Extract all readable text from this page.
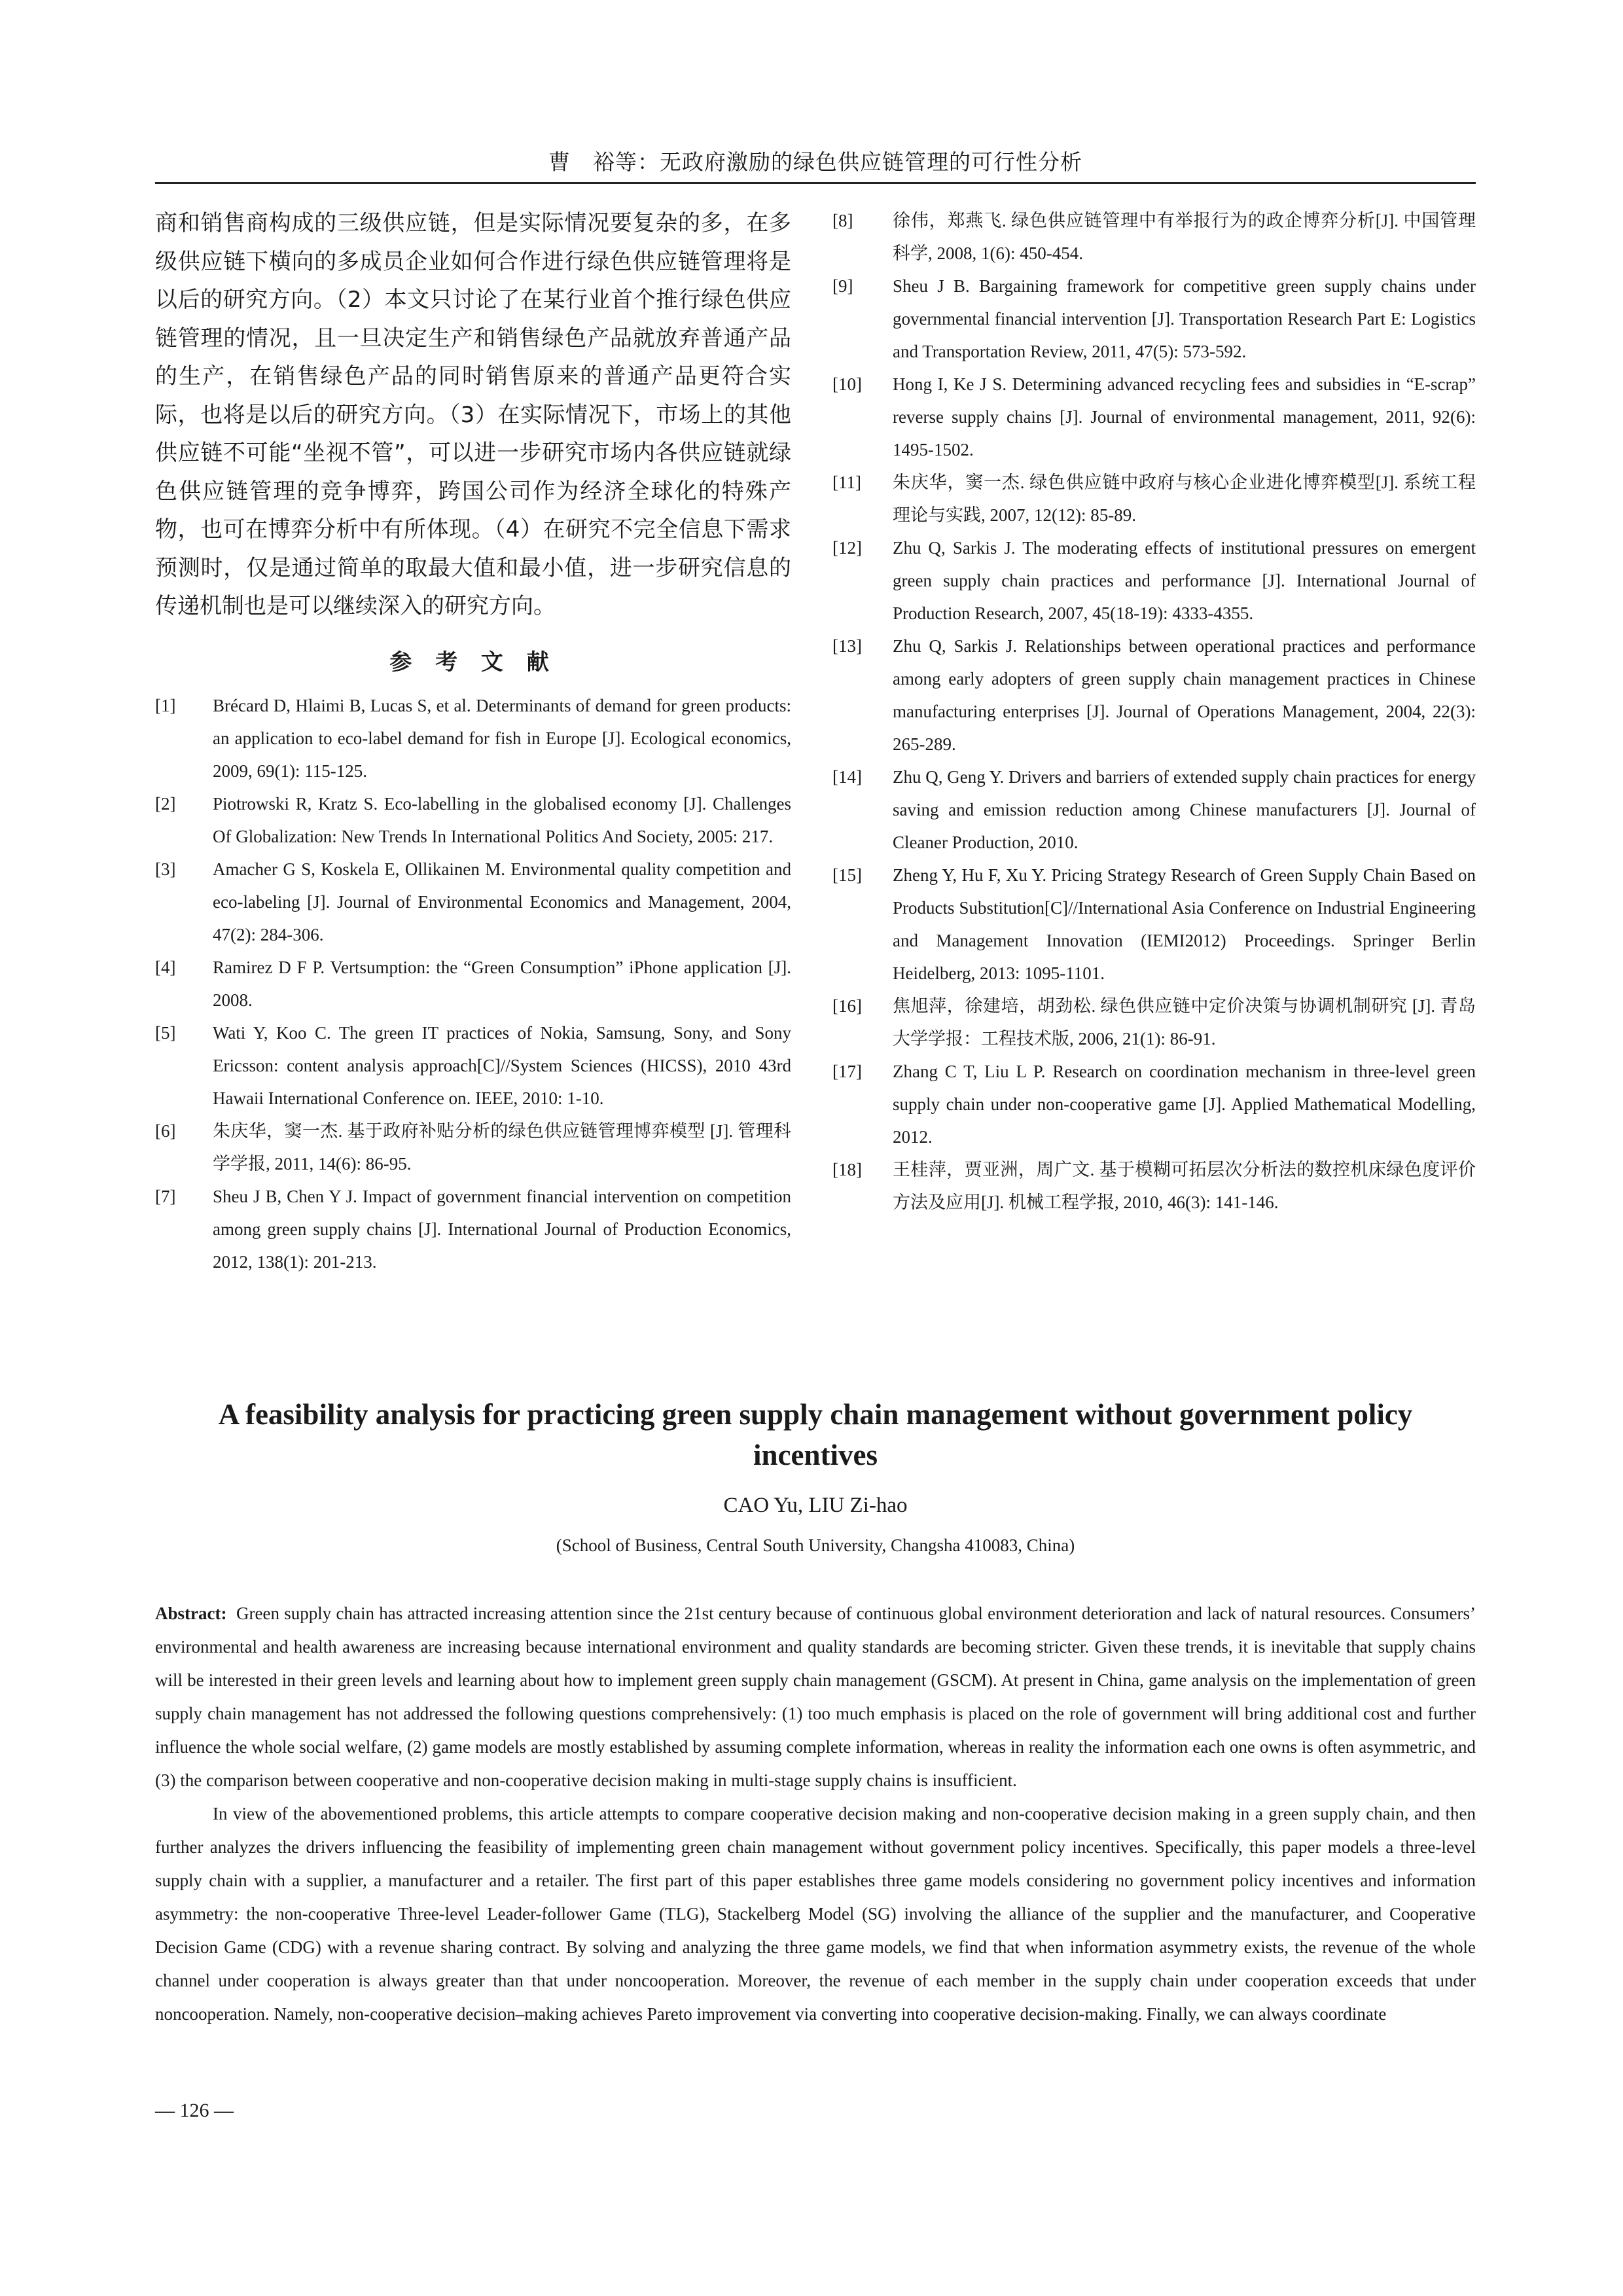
曹　裕等：无政府激励的绿色供应链管理的可行性分析

商和销售商构成的三级供应链，但是实际情况要复杂的多，在多级供应链下横向的多成员企业如何合作进行绿色供应链管理将是以后的研究方向。（2）本文只讨论了在某行业首个推行绿色供应链管理的情况，且一旦决定生产和销售绿色产品就放弃普通产品的生产，在销售绿色产品的同时销售原来的普通产品更符合实际，也将是以后的研究方向。（3）在实际情况下，市场上的其他供应链不可能“坐视不管”，可以进一步研究市场内各供应链就绿色供应链管理的竞争博弈，跨国公司作为经济全球化的特殊产物，也可在博弈分析中有所体现。（4）在研究不完全信息下需求预测时，仅是通过简单的取最大值和最小值，进一步研究信息的传递机制也是可以继续深入的研究方向。

参 考 文 献
[1]	Brécard D, Hlaimi B, Lucas S, et al. Determinants of demand for green products: an application to eco-label demand for fish in Europe [J]. Ecological economics, 2009, 69(1): 115-125.
[2]	Piotrowski R, Kratz S. Eco-labelling in the globalised economy [J]. Challenges Of Globalization: New Trends In International Politics And Society, 2005: 217.
[3]	Amacher G S, Koskela E, Ollikainen M. Environmental quality competition and eco-labeling [J]. Journal of Environmental Economics and Management, 2004, 47(2): 284-306.
[4]	Ramirez D F P. Vertsumption: the “Green Consumption” iPhone application [J]. 2008.
[5]	Wati Y, Koo C. The green IT practices of Nokia, Samsung, Sony, and Sony Ericsson: content analysis approach[C]//System Sciences (HICSS), 2010 43rd Hawaii International Conference on. IEEE, 2010: 1-10.
[6]	朱庆华，窦一杰. 基于政府补贴分析的绿色供应链管理博弈模型 [J]. 管理科学学报, 2011, 14(6): 86-95.
[7]	Sheu J B, Chen Y J. Impact of government financial intervention on competition among green supply chains [J]. International Journal of Production Economics, 2012, 138(1): 201-213.
[8]	徐伟，郑燕飞. 绿色供应链管理中有举报行为的政企博弈分析[J]. 中国管理科学, 2008, 1(6): 450-454.
[9]	Sheu J B. Bargaining framework for competitive green supply chains under governmental financial intervention [J]. Transportation Research Part E: Logistics and Transportation Review, 2011, 47(5): 573-592.
[10]	Hong I, Ke J S. Determining advanced recycling fees and subsidies in “E-scrap” reverse supply chains [J]. Journal of environmental management, 2011, 92(6): 1495-1502.
[11]	朱庆华，窦一杰. 绿色供应链中政府与核心企业进化博弈模型[J]. 系统工程理论与实践, 2007, 12(12): 85-89.
[12]	Zhu Q, Sarkis J. The moderating effects of institutional pressures on emergent green supply chain practices and performance [J]. International Journal of Production Research, 2007, 45(18-19): 4333-4355.
[13]	Zhu Q, Sarkis J. Relationships between operational practices and performance among early adopters of green supply chain management practices in Chinese manufacturing enterprises [J]. Journal of Operations Management, 2004, 22(3): 265-289.
[14]	Zhu Q, Geng Y. Drivers and barriers of extended supply chain practices for energy saving and emission reduction among Chinese manufacturers [J]. Journal of Cleaner Production, 2010.
[15]	Zheng Y, Hu F, Xu Y. Pricing Strategy Research of Green Supply Chain Based on Products Substitution[C]//International Asia Conference on Industrial Engineering and Management Innovation (IEMI2012) Proceedings. Springer Berlin Heidelberg, 2013: 1095-1101.
[16]	焦旭萍，徐建培，胡劲松. 绿色供应链中定价决策与协调机制研究 [J]. 青岛大学学报：工程技术版, 2006, 21(1): 86-91.
[17]	Zhang C T, Liu L P. Research on coordination mechanism in three-level green supply chain under non-cooperative game [J]. Applied Mathematical Modelling, 2012.
[18]	王桂萍，贾亚洲，周广文. 基于模糊可拓层次分析法的数控机床绿色度评价方法及应用[J]. 机械工程学报, 2010, 46(3): 141-146.
A feasibility analysis for practicing green supply chain management without government policy incentives
CAO Yu, LIU Zi-hao
(School of Business, Central South University, Changsha 410083, China)

Abstract: Green supply chain has attracted increasing attention since the 21st century because of continuous global environment deterioration and lack of natural resources. Consumers’ environmental and health awareness are increasing because international environment and quality standards are becoming stricter. Given these trends, it is inevitable that supply chains will be interested in their green levels and learning about how to implement green supply chain management (GSCM). At present in China, game analysis on the implementation of green supply chain management has not addressed the following questions comprehensively: (1) too much emphasis is placed on the role of government will bring additional cost and further influence the whole social welfare, (2) game models are mostly established by assuming complete information, whereas in reality the information each one owns is often asymmetric, and (3) the comparison between cooperative and non-cooperative decision making in multi-stage supply chains is insufficient.

In view of the abovementioned problems, this article attempts to compare cooperative decision making and non-cooperative decision making in a green supply chain, and then further analyzes the drivers influencing the feasibility of implementing green chain management without government policy incentives. Specifically, this paper models a three-level supply chain with a supplier, a manufacturer and a retailer. The first part of this paper establishes three game models considering no government policy incentives and information asymmetry: the non-cooperative Three-level Leader-follower Game (TLG), Stackelberg Model (SG) involving the alliance of the supplier and the manufacturer, and Cooperative Decision Game (CDG) with a revenue sharing contract. By solving and analyzing the three game models, we find that when information asymmetry exists, the revenue of the whole channel under cooperation is always greater than that under noncooperation. Moreover, the revenue of each member in the supply chain under cooperation exceeds that under noncooperation. Namely, non-cooperative decision–making achieves Pareto improvement via converting into cooperative decision-making. Finally, we can always coordinate

— 126 —
